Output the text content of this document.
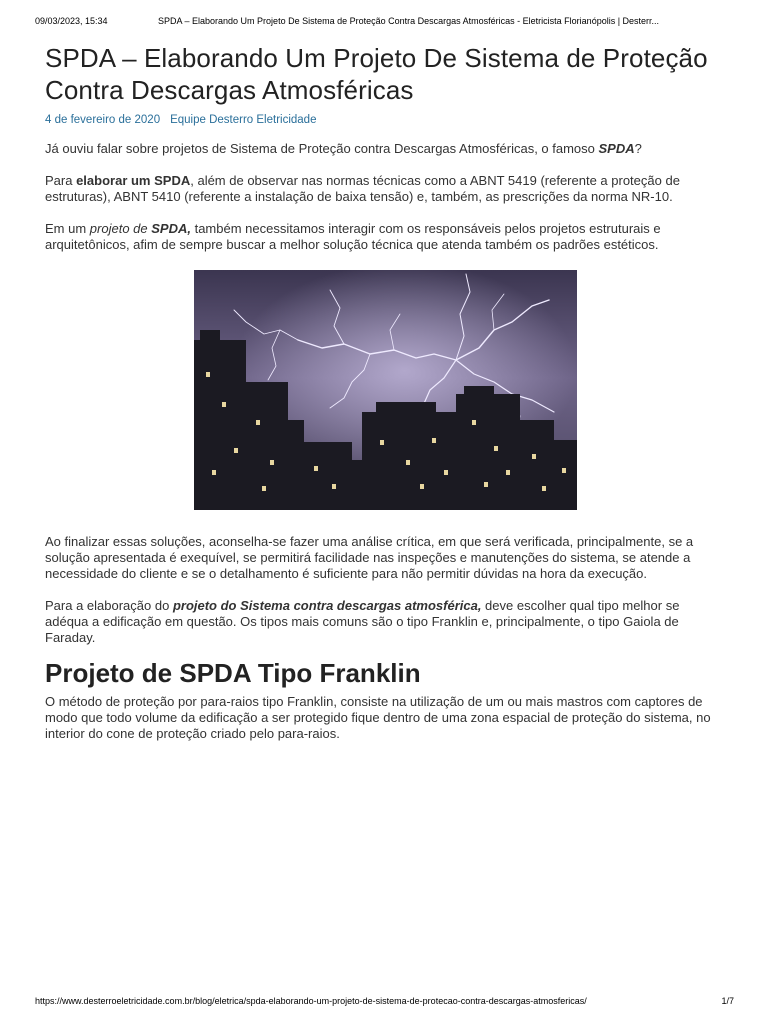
09/03/2023, 15:34	SPDA – Elaborando Um Projeto De Sistema de Proteção Contra Descargas Atmosféricas - Eletricista Florianópolis | Desterr...
SPDA – Elaborando Um Projeto De Sistema de Proteção Contra Descargas Atmosféricas
4 de fevereiro de 2020 Equipe Desterro Eletricidade

Já ouviu falar sobre projetos de Sistema de Proteção contra Descargas Atmosféricas, o famoso SPDA?

Para elaborar um SPDA, além de observar nas normas técnicas como a ABNT 5419 (referente a proteção de estruturas), ABNT 5410 (referente a instalação de baixa tensão) e, também, as prescrições da norma NR-10.

Em um projeto de SPDA, também necessitamos interagir com os responsáveis pelos projetos estruturais e arquitetônicos, afim de sempre buscar a melhor solução técnica que atenda também os padrões estéticos.

Ao finalizar essas soluções, aconselha-se fazer uma análise crítica, em que será verificada, principalmente, se a solução apresentada é exequível, se permitirá facilidade nas inspeções e manutenções do sistema, se atende a necessidade do cliente e se o detalhamento é suficiente para não permitir dúvidas na hora da execução.

Para a elaboração do projeto do Sistema contra descargas atmosférica, deve escolher qual tipo melhor se adéqua a edificação em questão. Os tipos mais comuns são o tipo Franklin e, principalmente, o tipo Gaiola de Faraday.

Projeto de SPDA Tipo Franklin

O método de proteção por para-raios tipo Franklin, consiste na utilização de um ou mais mastros com captores de modo que todo volume da edificação a ser protegido fique dentro de uma zona espacial de proteção do sistema, no interior do cone de proteção criado pelo para-raios.

https://www.desterroeletricidade.com.br/blog/eletrica/spda-elaborando-um-projeto-de-sistema-de-protecao-contra-descargas-atmosfericas/	1/7
